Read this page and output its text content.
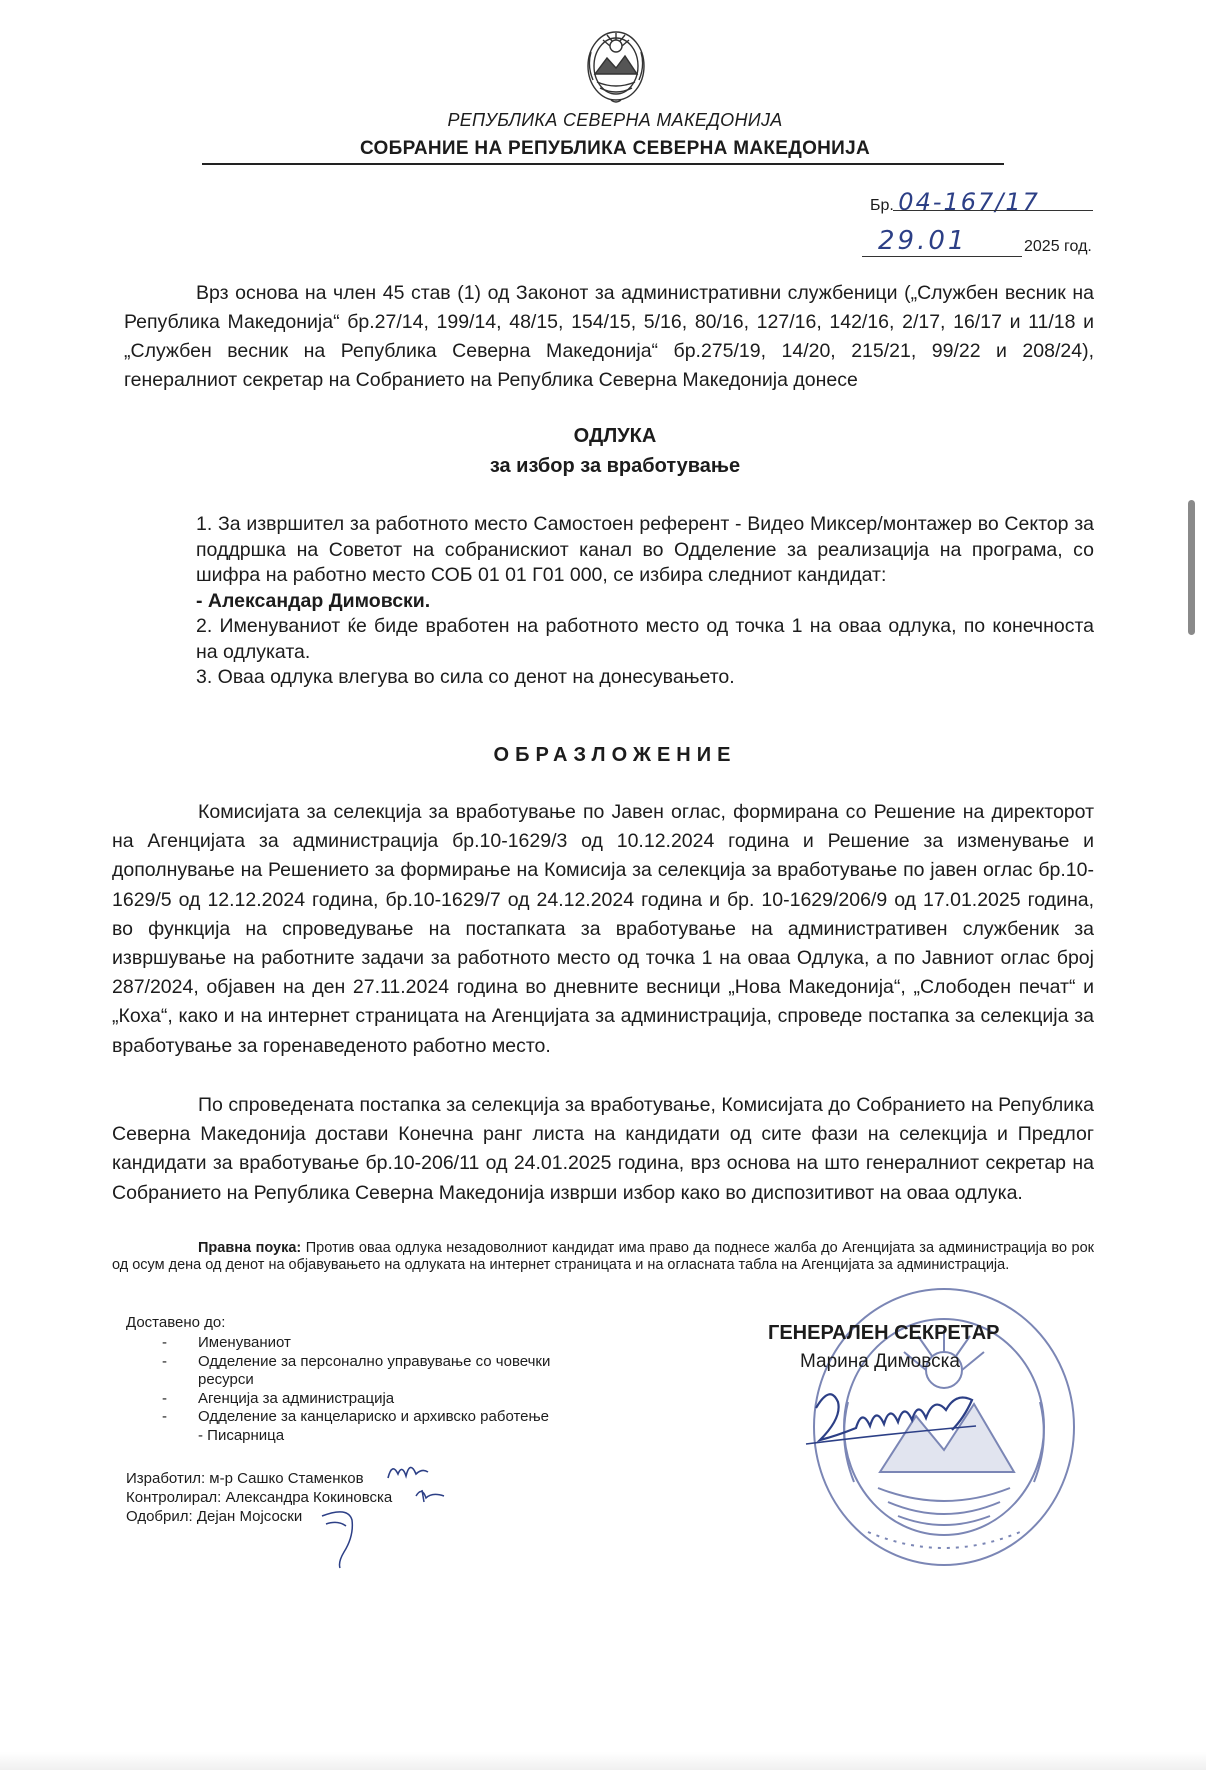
РЕПУБЛИКА СЕВЕРНА МАКЕДОНИЈА
СОБРАНИЕ НА РЕПУБЛИКА СЕВЕРНА МАКЕДОНИЈА
Бр. 04-167/17
29.01	2025 год.
Врз основа на член 45 став (1) од Законот за административни службеници („Службен весник на Република Македонија“ бр.27/14, 199/14, 48/15, 154/15, 5/16, 80/16, 127/16, 142/16, 2/17, 16/17 и 11/18 и „Службен весник на Република Северна Македонија“ бр.275/19, 14/20, 215/21, 99/22 и 208/24), генералниот секретар на Собранието на Република Северна Македонија донесе
ОДЛУКА
за избор за вработување

1. За извршител за работното место Самостоен референт - Видео Миксер/монтажер во Сектор за поддршка на Советот на собранискиот канал во Одделение за реализација на програма, со шифра на работно место СОБ 01 01 Г01 000, се избира следниот кандидат:

- Александар Димовски.

2. Именуваниот ќе биде вработен на работното место од точка 1 на оваа одлука, по конечноста на одлуката.

3. Оваа одлука влегува во сила со денот на донесувањето.

ОБРАЗЛОЖЕНИЕ
Комисијата за селекција за вработување по Јавен оглас, формирана со Решение на директорот на Агенцијата за администрација бр.10-1629/3 од 10.12.2024 година и Решение за изменување и дополнување на Решението за формирање на Комисија за селекција за вработување по јавен оглас бр.10-1629/5 од 12.12.2024 година, бр.10-1629/7 од 24.12.2024 година и бр. 10-1629/206/9 од 17.01.2025 година, во функција на спроведување на постапката за вработување на административен службеник за извршување на работните задачи за работното место од точка 1 на оваа Одлука, а по Јавниот оглас број 287/2024, објавен на ден 27.11.2024 година во дневните весници „Нова Македонија“, „Слободен печат“ и „Коха“, како и на интернет страницата на Агенцијата за администрација, спроведе постапка за селекција за вработување за горенаведеното работно место.
По спроведената постапка за селекција за вработување, Комисијата до Собранието на Република Северна Македонија достави Конечна ранг листа на кандидати од сите фази на селекција и Предлог кандидати за вработување бр.10-206/11 од 24.01.2025 година, врз основа на што генералниот секретар на Собранието на Република Северна Македонија изврши избор како во диспозитивот на оваа одлука.
Правна поука: Против оваа одлука незадоволниот кандидат има право да поднесе жалба до Агенцијата за администрација во рок од осум дена од денот на објавувањето на одлуката на интернет страницата и на огласната табла на Агенцијата за администрација.
Доставено до:
- Именуваниот
- Одделение за персонално управување со човечки
ресурси
- Агенција за администрација
- Одделение за канцелариско и архивско работење
- Писарница
Изработил: м-р Сашко Стаменков
Контролирал: Александра Кокиновска
Одобрил: Дејан Мојсоски
ГЕНЕРАЛЕН СЕКРЕТАР
Марина Димовска
